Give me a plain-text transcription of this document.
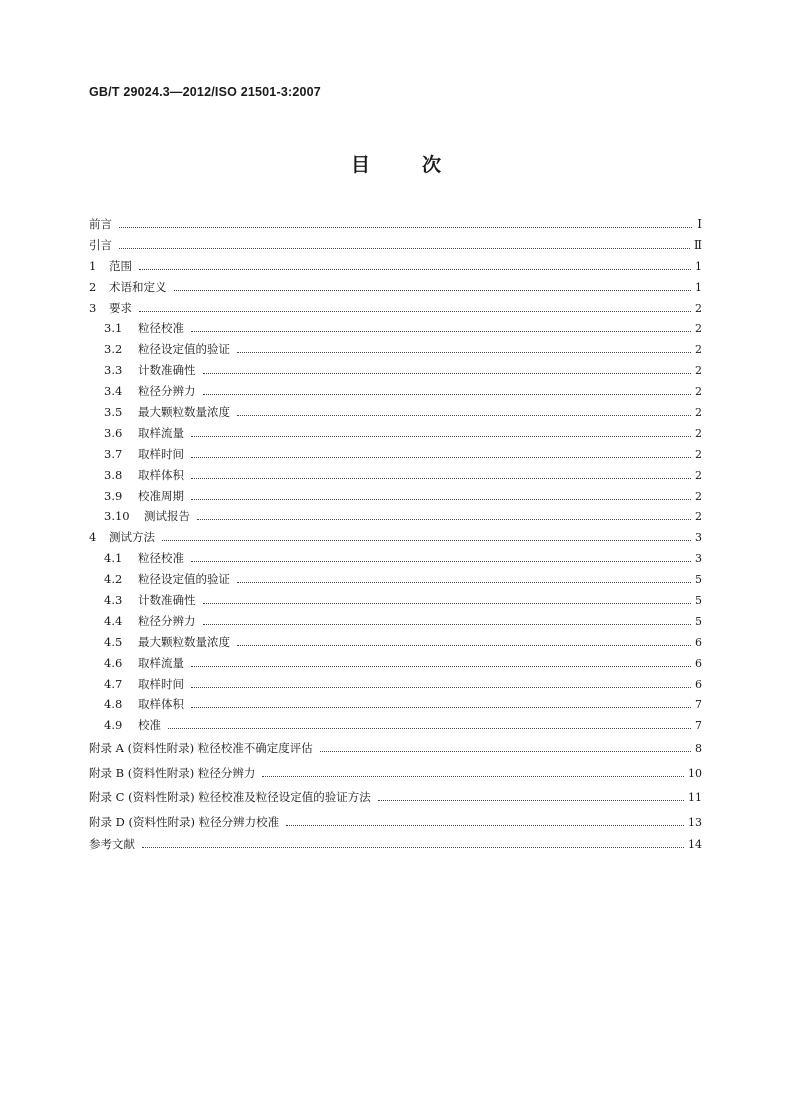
GB/T 29024.3—2012/ISO 21501-3:2007
目	次
前言	Ⅰ
引言	Ⅱ
1	范围	1
2	术语和定义	1
3	要求	2
3.1	粒径校准	2
3.2	粒径设定值的验证	2
3.3	计数准确性	2
3.4	粒径分辨力	2
3.5	最大颗粒数量浓度	2
3.6	取样流量	2
3.7	取样时间	2
3.8	取样体积	2
3.9	校准周期	2
3.10	测试报告	2
4	测试方法	3
4.1	粒径校准	3
4.2	粒径设定值的验证	5
4.3	计数准确性	5
4.4	粒径分辨力	5
4.5	最大颗粒数量浓度	6
4.6	取样流量	6
4.7	取样时间	6
4.8	取样体积	7
4.9	校准	7
附录 A (资料性附录) 粒径校准不确定度评估	8
附录 B (资料性附录) 粒径分辨力	10
附录 C (资料性附录) 粒径校准及粒径设定值的验证方法	11
附录 D (资料性附录) 粒径分辨力校准	13
参考文献	14
